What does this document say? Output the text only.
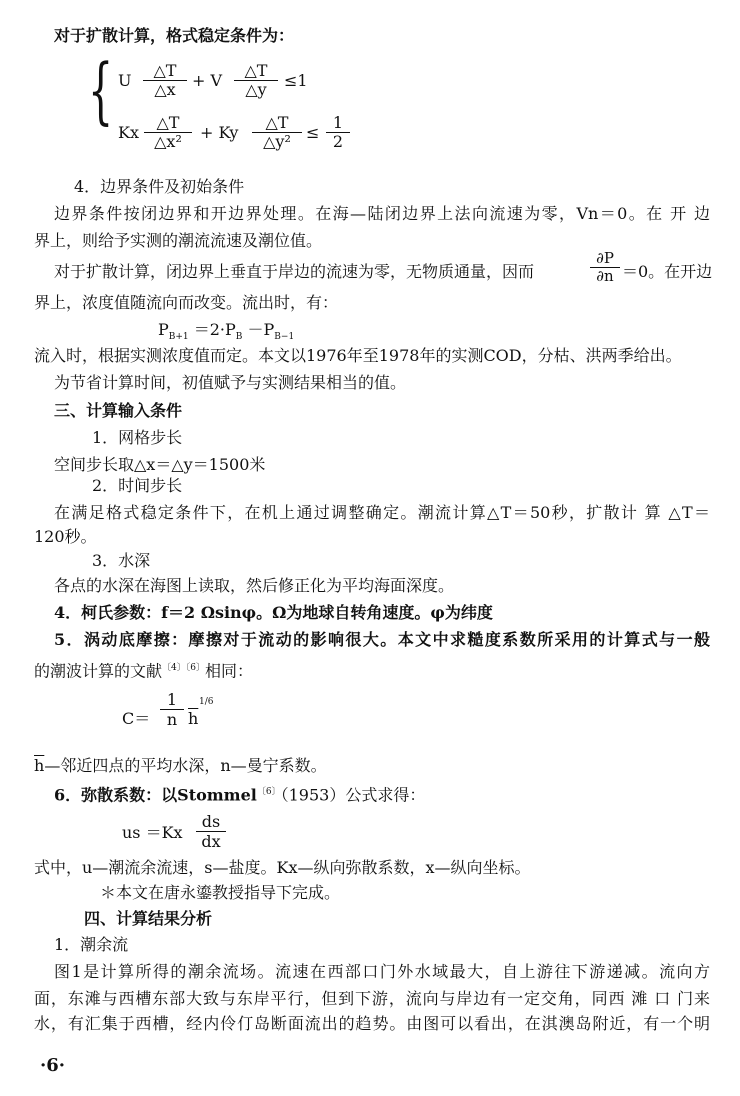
对于扩散计算，格式稳定条件为：
{ U $\frac{\triangle T}{\triangle x} + V \frac{\triangle T}{\triangle y} \le 1$
Kx $\frac{\triangle T}{\text{△x²}} + Ky \frac{\triangle T}{\text{△y²}} \le \frac{1}{2}$
4．边界条件及初始条件
边界条件按闭边界和开边界处理。在海—陆闭边界上法向流速为零，Vn＝0。在 开 边
界上，则给予实测的潮流流速及潮位值。
对于扩散计算，闭边界上垂直于岸边的流速为零，无物质通量，因而	$\frac{\partial P}{\partial n} =0$。在开边
界上，浓度值随流向而改变。流出时，有：
$P_{B+1} =2\cdot P_B -P_{B-1}$
流入时，根据实测浓度值而定。本文以1976年至1978年的实测COD，分枯、洪两季给出。
为节省计算时间，初值赋予与实测结果相当的值。
三、计算输入条件
1．网格步长
空间步长取△x＝△y＝1500米
2．时间步长
在满足格式稳定条件下，在机上通过调整确定。潮流计算△T＝50秒，扩散计 算 △T＝
120秒。
3．水深
各点的水深在海图上读取，然后修正化为平均海面深度。
4．柯氏参数：f＝2 Ωsinφ。Ω为地球自转角速度。φ为纬度
5．涡动底摩擦：摩擦对于流动的影响很大。本文中求糙度系数所采用的计算式与一般
的潮波计算的文献$^{〔4〕〔6〕}$相同：
$C= \frac{1}{n} \overline{h}$
1/6
$\overline{h}—$邻近四点的平均水深，n—曼宁系数。
6．弥散系数：以Stommel$^{〔6〕}$（1953）公式求得：
us $=Kx \frac{ds}{dx}$
式中，u—潮流余流速，s—盐度。Kx—纵向弥散系数，x—纵向坐标。
＊本文在唐永鎏教授指导下完成。
四、计算结果分析
1．潮余流
图1是计算所得的潮余流场。流速在西部口门外水域最大，自上游往下游递减。流向方
面，东滩与西槽东部大致与东岸平行，但到下游，流向与岸边有一定交角，同西 滩 口 门来
水，有汇集于西槽，经内伶仃岛断面流出的趋势。由图可以看出，在淇澳岛附近，有一个明
·6·
